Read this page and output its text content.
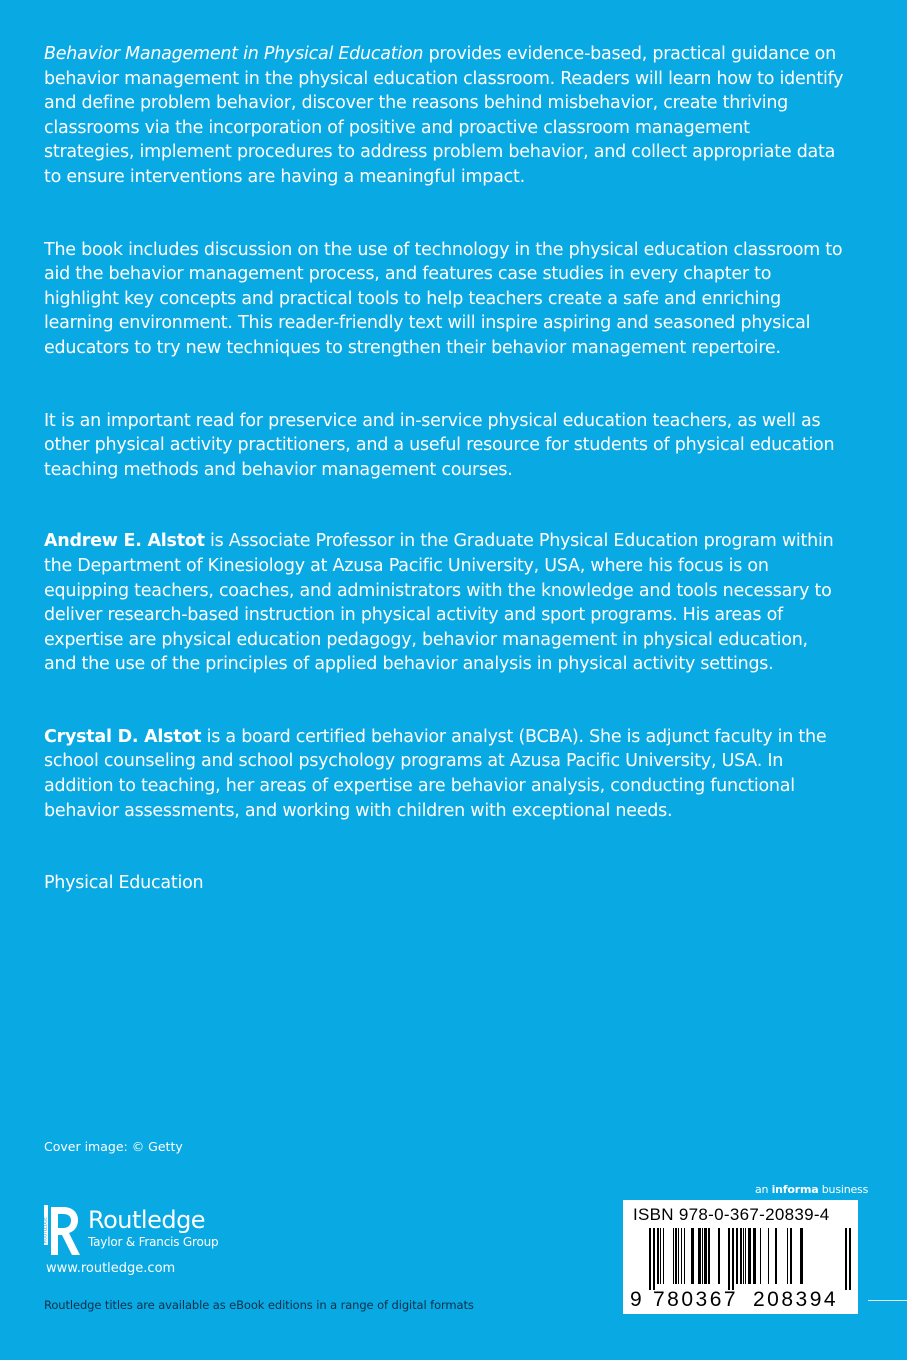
Behavior Management in Physical Education provides evidence-based, practical guidance on behavior management in the physical education classroom. Readers will learn how to identify and define problem behavior, discover the reasons behind misbehavior, create thriving classrooms via the incorporation of positive and proactive classroom management strategies, implement procedures to address problem behavior, and collect appropriate data to ensure interventions are having a meaningful impact.

The book includes discussion on the use of technology in the physical education classroom to aid the behavior management process, and features case studies in every chapter to highlight key concepts and practical tools to help teachers create a safe and enriching learning environment. This reader-friendly text will inspire aspiring and seasoned physical educators to try new techniques to strengthen their behavior management repertoire.

It is an important read for preservice and in-service physical education teachers, as well as other physical activity practitioners, and a useful resource for students of physical education teaching methods and behavior management courses.

Andrew E. Alstot is Associate Professor in the Graduate Physical Education program within the Department of Kinesiology at Azusa Pacific University, USA, where his focus is on equipping teachers, coaches, and administrators with the knowledge and tools necessary to deliver research-based instruction in physical activity and sport programs. His areas of expertise are physical education pedagogy, behavior management in physical education, and the use of the principles of applied behavior analysis in physical activity settings.

Crystal D. Alstot is a board certified behavior analyst (BCBA). She is adjunct faculty in the school counseling and school psychology programs at Azusa Pacific University, USA. In addition to teaching, her areas of expertise are behavior analysis, conducting functional behavior assessments, and working with children with exceptional needs.

Physical Education

Cover image: © Getty
ROUTLEDGE Routledge
Taylor & Francis Group
www.routledge.com
Routledge titles are available as eBook editions in a range of digital formats
an informa business
ISBN 978-0-367-20839-4
9 780367 208394
